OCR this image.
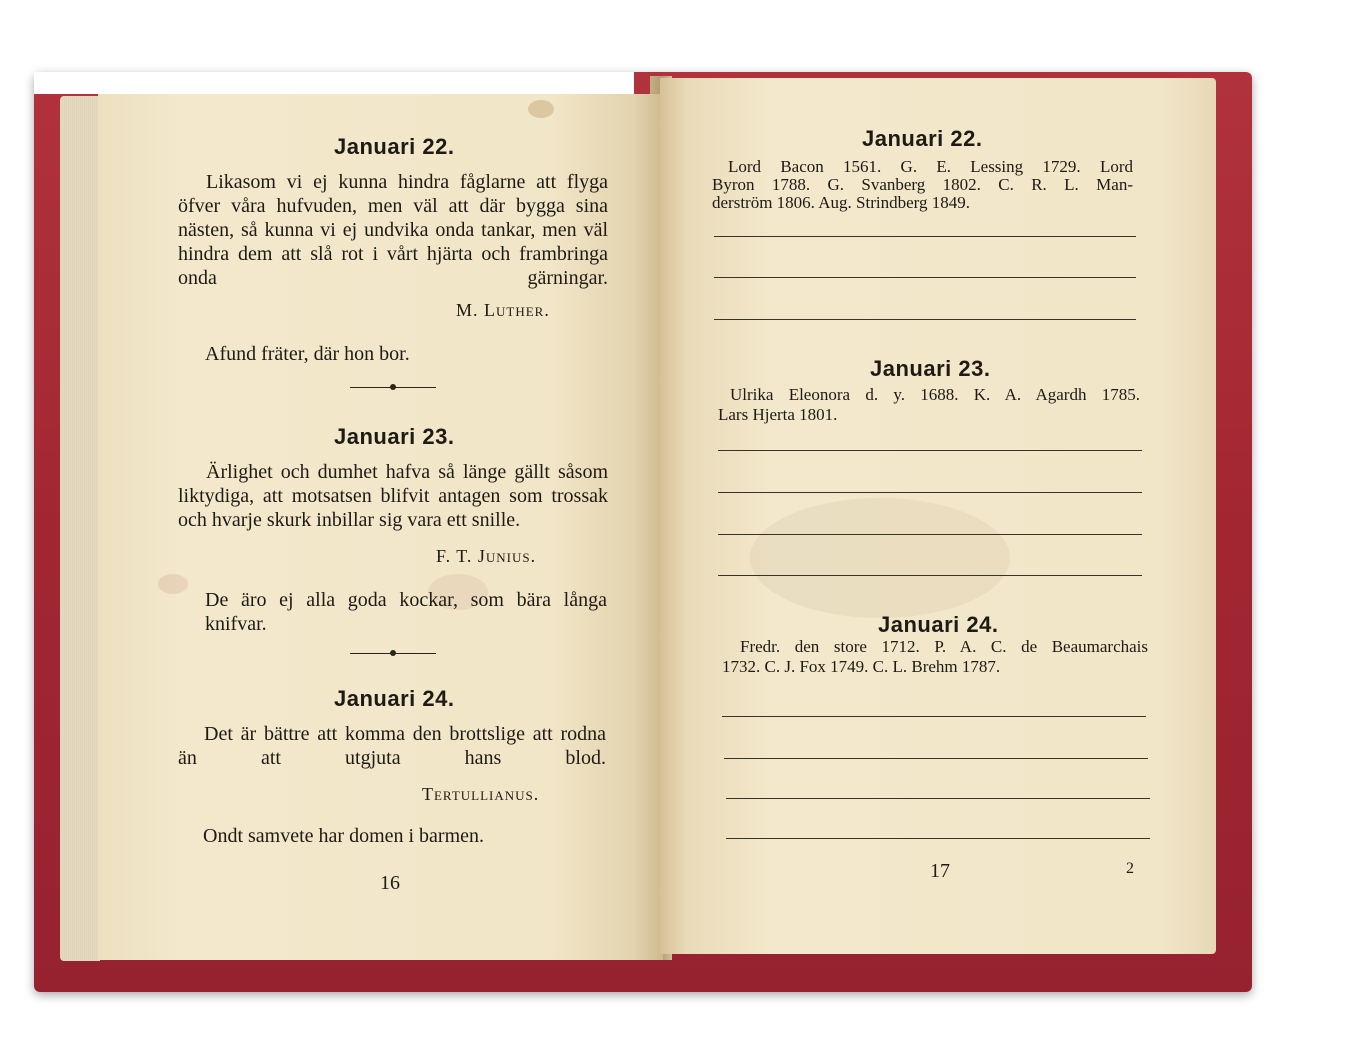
Januari 22.
Likasom vi ej kunna hindra fåglarne att flyga öfver våra hufvuden, men väl att där bygga sina nästen, så kunna vi ej undvika onda tankar, men väl hindra dem att slå rot i vårt hjärta och frambringa onda gärningar.
M. Luther.
Afund fräter, där hon bor.
Januari 23.
Ärlighet och dumhet hafva så länge gällt såsom liktydiga, att motsatsen blifvit antagen som trossak och hvarje skurk inbillar sig vara ett snille.
F. T. Junius.
De äro ej alla goda kockar, som bära långa knifvar.
Januari 24.
Det är bättre att komma den brottslige att rodna än att utgjuta hans blod.
Tertullianus.
Ondt samvete har domen i barmen.
16
Januari 22.
Lord Bacon 1561. G. E. Lessing 1729. Lord
Byron 1788. G. Svanberg 1802. C. R. L. Man-
derström 1806. Aug. Strindberg 1849.
Januari 23.
Ulrika Eleonora d. y. 1688. K. A. Agardh 1785.
Lars Hjerta 1801.
Januari 24.
Fredr. den store 1712. P. A. C. de Beaumarchais
1732. C. J. Fox 1749. C. L. Brehm 1787.
17	2
